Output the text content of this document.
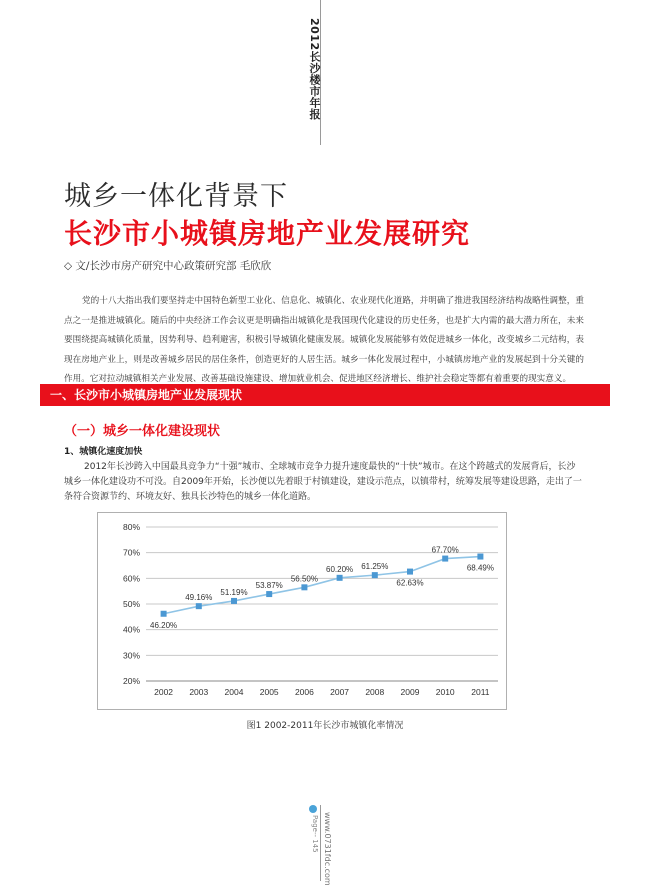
2012长沙楼市年报
城乡一体化背景下
长沙市小城镇房地产业发展研究
◇ 文/长沙市房产研究中心政策研究部 毛欣欣

党的十八大指出我们要坚持走中国特色新型工业化、信息化、城镇化、农业现代化道路，并明确了推进我国经济结构战略性调整，重点之一是推进城镇化。随后的中央经济工作会议更是明确指出城镇化是我国现代化建设的历史任务，也是扩大内需的最大潜力所在，未来要围绕提高城镇化质量，因势利导、趋利避害，积极引导城镇化健康发展。城镇化发展能够有效促进城乡一体化，改变城乡二元结构，表现在房地产业上，则是改善城乡居民的居住条件，创造更好的人居生活。城乡一体化发展过程中，小城镇房地产业的发展起到十分关键的作用。它对拉动城镇相关产业发展、改善基础设施建设、增加就业机会、促进地区经济增长、维护社会稳定等都有着重要的现实意义。

一、长沙市小城镇房地产业发展现状
（一）城乡一体化建设现状
1、城镇化速度加快

2012年长沙跨入中国最具竞争力“十强”城市、全球城市竞争力提升速度最快的“十快”城市。在这个跨越式的发展背后，长沙城乡一体化建设功不可没。自2009年开始，长沙便以先着眼于村镇建设，建设示范点，以镇带村，统筹发展等建设思路，走出了一条符合资源节约、环境友好、独具长沙特色的城乡一体化道路。

20%
30%
40%
50%
60%
70%
80%
2002 2003 2004 2005 2006 2007 2008 2009 2010 2011
46.20%
49.16%
51.19%
53.87%
56.50%
60.20% 61.25%
62.63%
67.70%
68.49%
图1 2002-2011年长沙市城镇化率情况
www.0731fdc.com
Page-- 145
